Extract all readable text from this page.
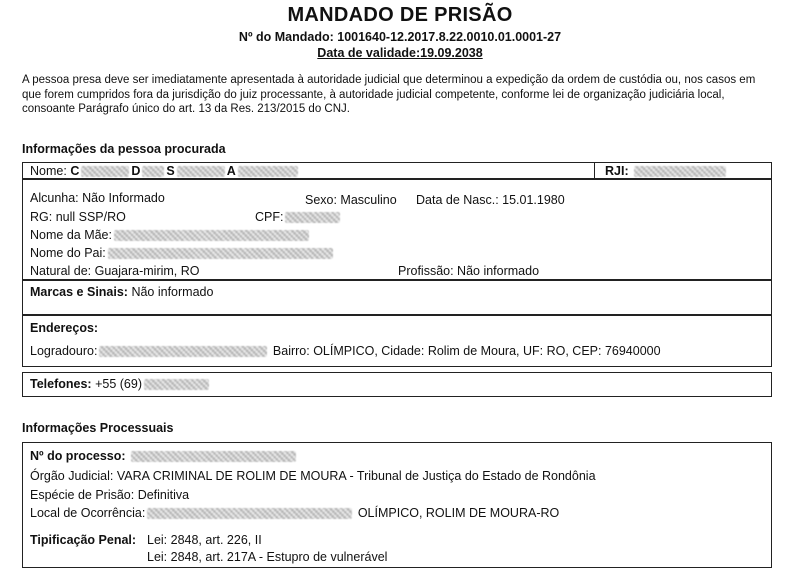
MANDADO DE PRISÃO
Nº do Mandado: 1001640-12.2017.8.22.0010.01.0001-27
Data de validade:19.09.2038
A pessoa presa deve ser imediatamente apresentada à autoridade judicial que determinou a expedição da ordem de custódia ou, nos casos em que forem cumpridos fora da jurisdição do juiz processante, à autoridade judicial competente, conforme lei de organização judiciária local, consoante Parágrafo único do art. 13 da Res. 213/2015 do CNJ.
Informações da pessoa procurada
Nome: C	D S	A	RJI:
Alcunha: Não Informado	Sexo: Masculino Data de Nasc.: 15.01.1980
RG: null SSP/RO	CPF:
Nome da Mãe:
Nome do Pai:
Natural de: Guajara-mirim, RO	Profissão: Não informado
Marcas e Sinais: Não informado
Endereços:
Logradouro:	Bairro: OLÍMPICO, Cidade: Rolim de Moura, UF: RO, CEP: 76940000
Telefones: +55 (69)
Informações Processuais
Nº do processo:
Órgão Judicial: VARA CRIMINAL DE ROLIM DE MOURA - Tribunal de Justiça do Estado de Rondônia
Espécie de Prisão: Definitiva
Local de Ocorrência:	OLÍMPICO, ROLIM DE MOURA-RO
Tipificação Penal: Lei: 2848, art. 226, II
Lei: 2848, art. 217A - Estupro de vulnerável
